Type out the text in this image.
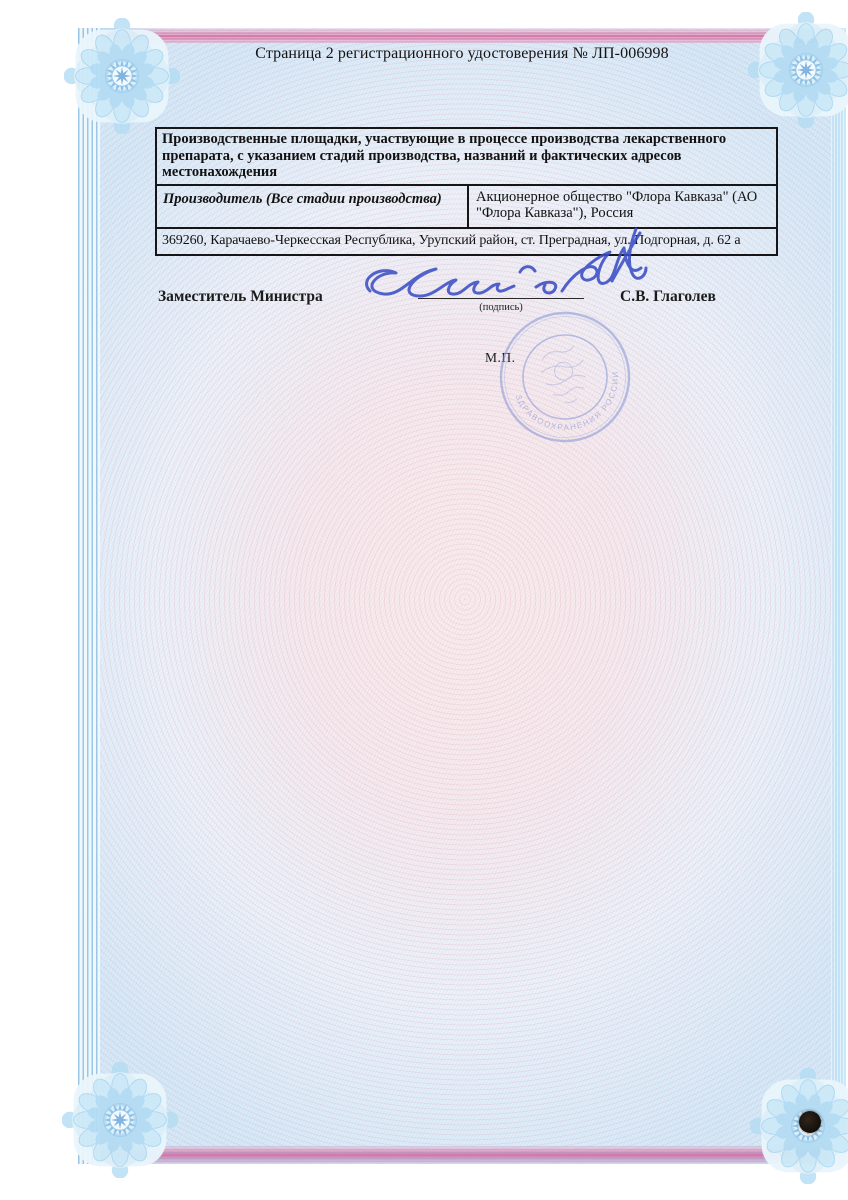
Страница 2 регистрационного удостоверения № ЛП-006998
Производственные площадки, участвующие в процессе производства лекарственного препарата, с указанием стадий производства, названий и фактических адресов местонахождения
Производитель (Все стадии производства)	Акционерное общество "Флора Кавказа" (АО "Флора Кавказа"), Россия
369260, Карачаево-Черкесская Республика, Урупский район, ст. Преградная, ул. Подгорная, д. 62 а
Заместитель Министра
(подпись)
С.В. Глаголев
М.П.
ЗДРАВООХРАНЕНИЯ РОССИИ
